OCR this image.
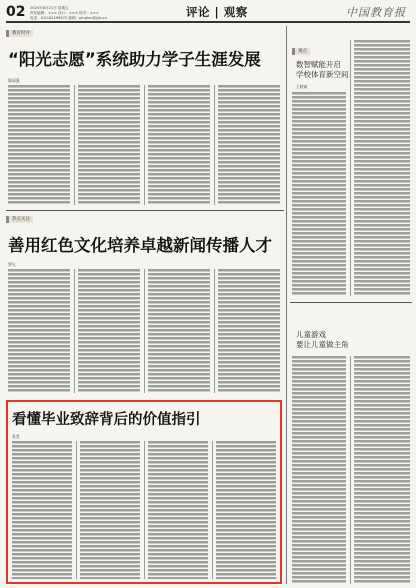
02 2024年6月21日 星期五
责任编辑：××× 设计：××× 校对：×××
电话：010-82296572 邮箱：pinglun@jyb.cn	评论 | 观察	中国教育报
教育时评
“阳光志愿”系统助力学子生涯发展
陈国强
热点关注
善用红色文化培养卓越新闻传播人才
罗凡
看懂毕业致辞背后的价值指引
张莹
观点
数智赋能开启
学校体育新空间
王晓茹
儿童游戏
要让儿童做主角
